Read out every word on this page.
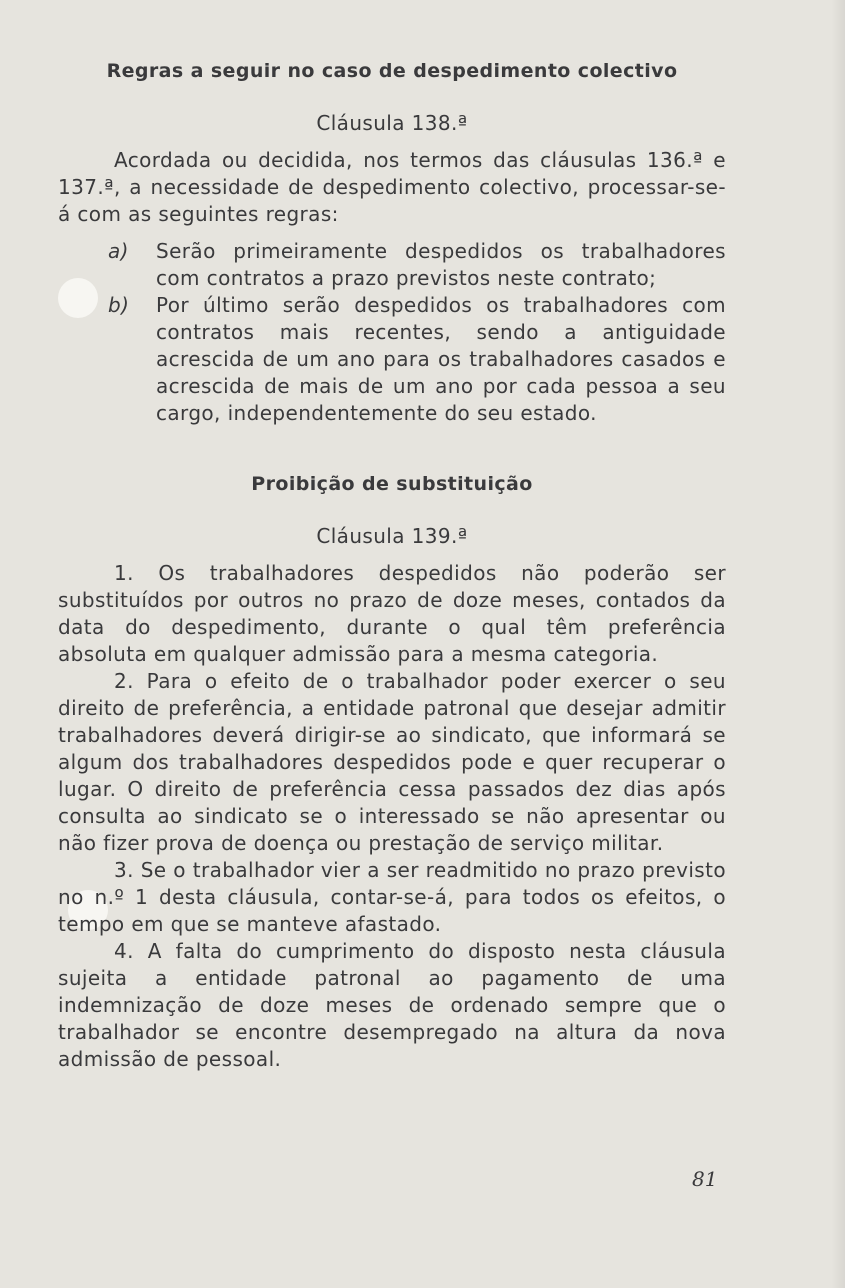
Regras a seguir no caso de despedimento colectivo
Cláusula 138.ª

Acordada ou decidida, nos termos das cláusulas 136.ª e 137.ª, a necessidade de despedimento colectivo, processar-se-á com as seguintes regras:

a)	Serão primeiramente despedidos os trabalhadores com contratos a prazo previstos neste contrato;
b)	Por último serão despedidos os trabalhadores com contratos mais recentes, sendo a antiguidade acrescida de um ano para os trabalhadores casados e acrescida de mais de um ano por cada pessoa a seu cargo, independentemente do seu estado.
Proibição de substituição
Cláusula 139.ª

1. Os trabalhadores despedidos não poderão ser substituídos por outros no prazo de doze meses, contados da data do despedimento, durante o qual têm preferência absoluta em qualquer admissão para a mesma categoria.

2. Para o efeito de o trabalhador poder exercer o seu direito de preferência, a entidade patronal que desejar admitir trabalhadores deverá dirigir-se ao sindicato, que informará se algum dos trabalhadores despedidos pode e quer recuperar o lugar. O direito de preferência cessa passados dez dias após consulta ao sindicato se o interessado se não apresentar ou não fizer prova de doença ou prestação de serviço militar.

3. Se o trabalhador vier a ser readmitido no prazo previsto no n.º 1 desta cláusula, contar-se-á, para todos os efeitos, o tempo em que se manteve afastado.

4. A falta do cumprimento do disposto nesta cláusula sujeita a entidade patronal ao pagamento de uma indemnização de doze meses de ordenado sempre que o trabalhador se encontre desempregado na altura da nova admissão de pessoal.

81
